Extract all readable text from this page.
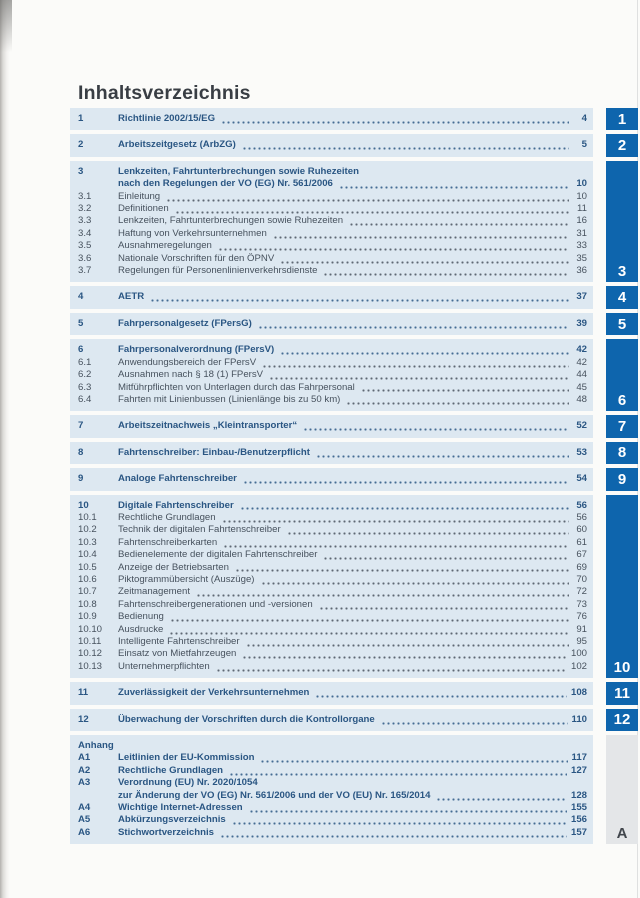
Inhaltsverzeichnis
1	Richtlinie 2002/15/EG	4	1
2	Arbeitszeitgesetz (ArbZG)	5	2
3	Lenkzeiten, Fahrtunterbrechungen sowie Ruhezeiten
nach den Regelungen der VO (EG) Nr. 561/2006	10
3.1	Einleitung	10
3.2	Definitionen	11
3.3	Lenkzeiten, Fahrtunterbrechungen sowie Ruhezeiten	16
3.4	Haftung von Verkehrsunternehmen	31
3.5	Ausnahmeregelungen	33
3.6	Nationale Vorschriften für den ÖPNV	35
3.7	Regelungen für Personenlinienverkehrsdienste	36	3
4	AETR	37	4
5	Fahrpersonalgesetz (FPersG)	39	5
6	Fahrpersonalverordnung (FPersV)	42
6.1	Anwendungsbereich der FPersV	42
6.2	Ausnahmen nach § 18 (1) FPersV	44
6.3	Mitführpflichten von Unterlagen durch das Fahrpersonal	45
6.4	Fahrten mit Linienbussen (Linienlänge bis zu 50 km)	48	6
7	Arbeitszeitnachweis „Kleintransporter“	52	7
8	Fahrtenschreiber: Einbau-/Benutzerpflicht	53	8
9	Analoge Fahrtenschreiber	54	9
10	Digitale Fahrtenschreiber	56
10.1	Rechtliche Grundlagen	56
10.2	Technik der digitalen Fahrtenschreiber	60
10.3	Fahrtenschreiberkarten	61
10.4	Bedienelemente der digitalen Fahrtenschreiber	67
10.5	Anzeige der Betriebsarten	69
10.6	Piktogrammübersicht (Auszüge)	70
10.7	Zeitmanagement	72
10.8	Fahrtenschreibergenerationen und -versionen	73
10.9	Bedienung	76
10.10	Ausdrucke	91
10.11	Intelligente Fahrtenschreiber	95
10.12	Einsatz von Mietfahrzeugen	100
10.13	Unternehmerpflichten	102	10
11	Zuverlässigkeit der Verkehrsunternehmen	108	11
12	Überwachung der Vorschriften durch die Kontrollorgane	110	12
Anhang
A1	Leitlinien der EU-Kommission	117
A2	Rechtliche Grundlagen	127
A3	Verordnung (EU) Nr. 2020/1054
zur Änderung der VO (EG) Nr. 561/2006 und der VO (EU) Nr. 165/2014	128
A4	Wichtige Internet-Adressen	155
A5	Abkürzungsverzeichnis	156
A6	Stichwortverzeichnis	157	A
